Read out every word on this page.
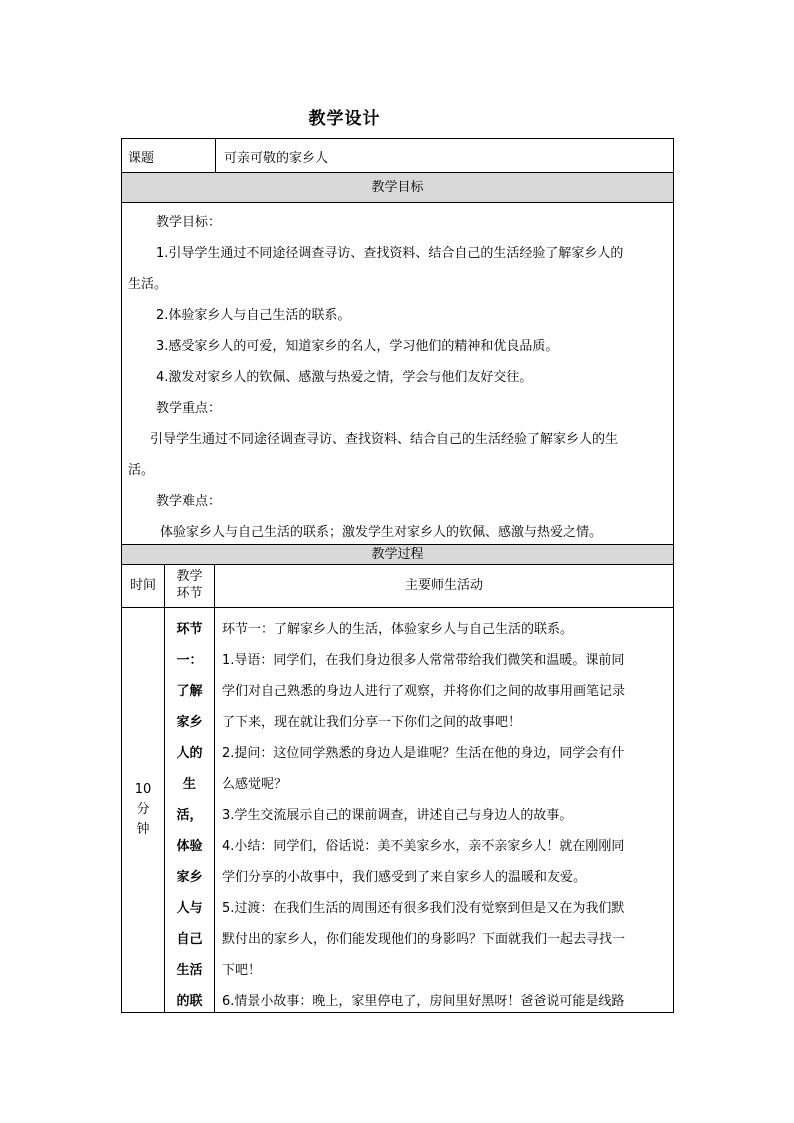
教学设计
课题	可亲可敬的家乡人
教学目标

教学目标：

1.引导学生通过不同途径调查寻访、查找资料、结合自己的生活经验了解家乡人的

生活。

2.体验家乡人与自己生活的联系。

3.感受家乡人的可爱，知道家乡的名人，学习他们的精神和优良品质。

4.激发对家乡人的钦佩、感激与热爱之情，学会与他们友好交往。

教学重点：

引导学生通过不同途径调查寻访、查找资料、结合自己的生活经验了解家乡人的生

活。

教学难点：

体验家乡人与自己生活的联系；激发学生对家乡人的钦佩、感激与热爱之情。

教学过程
时间
教学
环节
主要师生活动
10
分
钟
环节
一：
了解
家乡
人的
生
活，
体验
家乡
人与
自己
生活
的联
环节一：了解家乡人的生活，体验家乡人与自己生活的联系。
1.导语：同学们，在我们身边很多人常常带给我们微笑和温暖。课前同
学们对自己熟悉的身边人进行了观察，并将你们之间的故事用画笔记录
了下来，现在就让我们分享一下你们之间的故事吧！
2.提问：这位同学熟悉的身边人是谁呢？生活在他的身边，同学会有什
么感觉呢？
3.学生交流展示自己的课前调查，讲述自己与身边人的故事。
4.小结：同学们，俗话说：美不美家乡水，亲不亲家乡人！就在刚刚同
学们分享的小故事中，我们感受到了来自家乡人的温暖和友爱。
5.过渡：在我们生活的周围还有很多我们没有觉察到但是又在为我们默
默付出的家乡人，你们能发现他们的身影吗？下面就我们一起去寻找一
下吧！
6.情景小故事：晚上，家里停电了，房间里好黑呀！爸爸说可能是线路
